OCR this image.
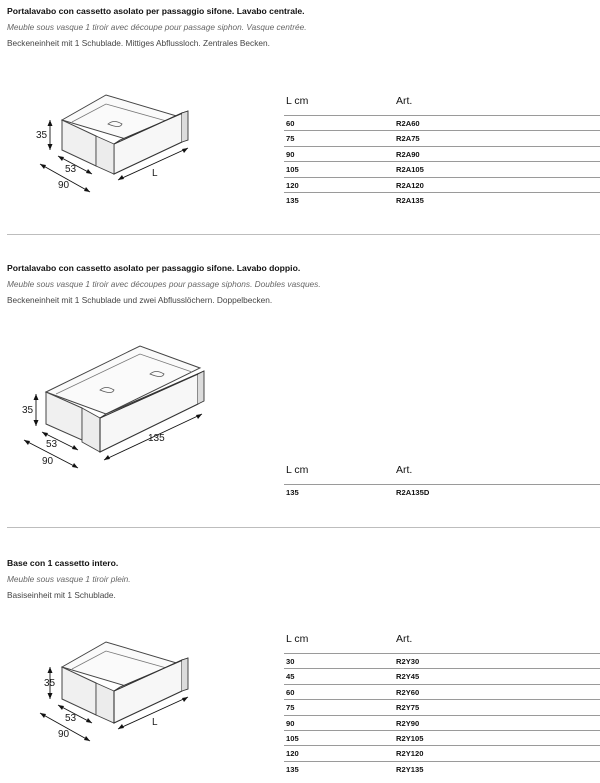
Portalavabo con cassetto asolato per passaggio sifone. Lavabo centrale.
Meuble sous vasque 1 tiroir avec découpe pour passage siphon. Vasque centrée.
Beckeneinheit mit 1 Schublade. Mittiges Abflussloch. Zentrales Becken.
35
53
90
L
L cm	Art.
60	R2A60
75	R2A75
90	R2A90
105	R2A105
120	R2A120
135	R2A135
Portalavabo con cassetto asolato per passaggio sifone. Lavabo doppio.
Meuble sous vasque 1 tiroir avec découpes pour passage siphons. Doubles vasques.
Beckeneinheit mit 1 Schublade und zwei Abflusslöchern. Doppelbecken.
35
53
90
135
L cm	Art.
135	R2A135D
Base con 1 cassetto intero.
Meuble sous vasque 1 tiroir plein.
Basiseinheit mit 1 Schublade.
35
53
90
L
L cm	Art.
30	R2Y30
45	R2Y45
60	R2Y60
75	R2Y75
90	R2Y90
105	R2Y105
120	R2Y120
135	R2Y135
